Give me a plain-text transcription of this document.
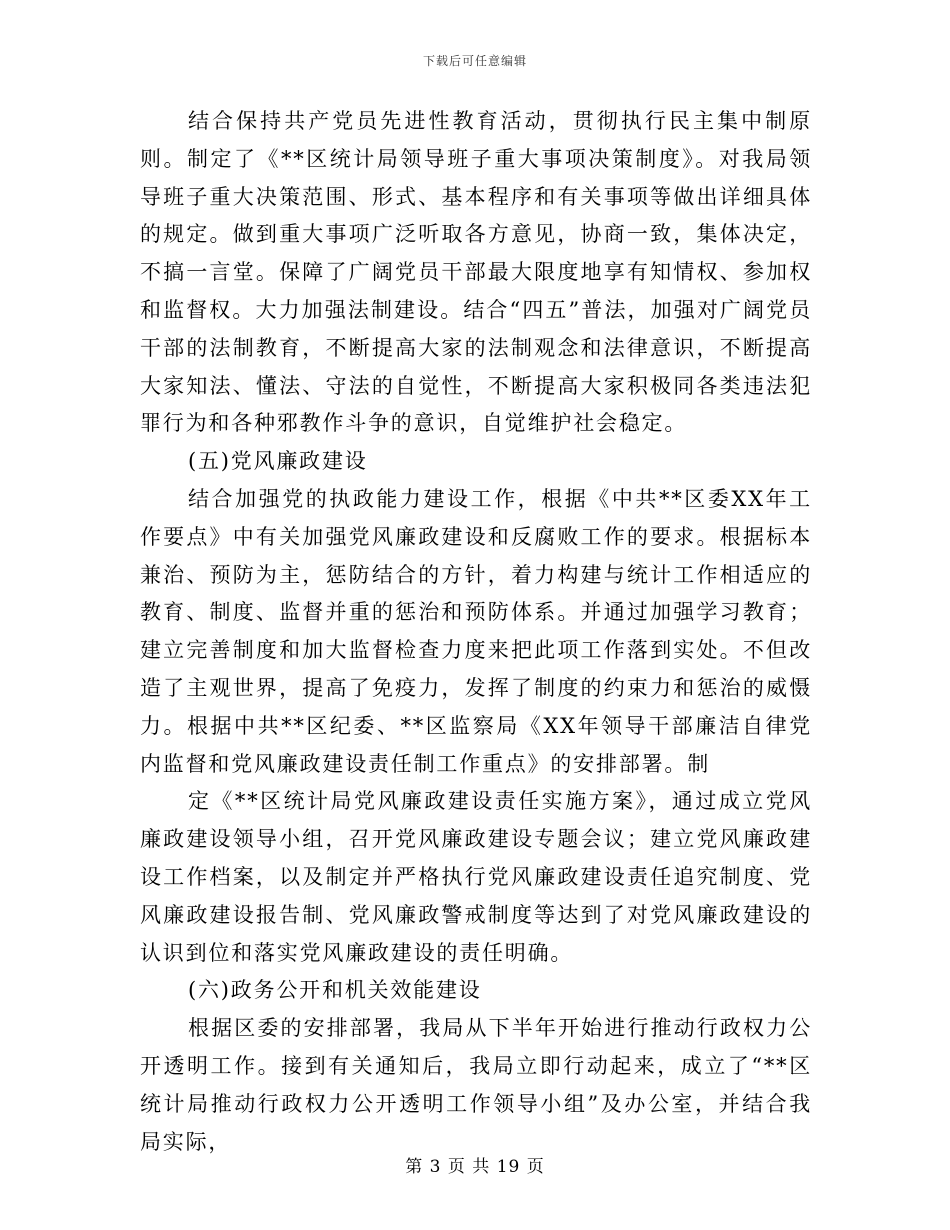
下载后可任意编辑

结合保持共产党员先进性教育活动，贯彻执行民主集中制原则。制定了《**区统计局领导班子重大事项决策制度》。对我局领导班子重大决策范围、形式、基本程序和有关事项等做出详细具体的规定。做到重大事项广泛听取各方意见，协商一致，集体决定，不搞一言堂。保障了广阔党员干部最大限度地享有知情权、参加权和监督权。大力加强法制建设。结合“四五”普法，加强对广阔党员干部的法制教育，不断提高大家的法制观念和法律意识，不断提高大家知法、懂法、守法的自觉性，不断提高大家积极同各类违法犯罪行为和各种邪教作斗争的意识，自觉维护社会稳定。

(五)党风廉政建设

结合加强党的执政能力建设工作，根据《中共**区委XX年工作要点》中有关加强党风廉政建设和反腐败工作的要求。根据标本兼治、预防为主，惩防结合的方针，着力构建与统计工作相适应的教育、制度、监督并重的惩治和预防体系。并通过加强学习教育；建立完善制度和加大监督检查力度来把此项工作落到实处。不但改造了主观世界，提高了免疫力，发挥了制度的约束力和惩治的威慑力。根据中共**区纪委、**区监察局《XX年领导干部廉洁自律党内监督和党风廉政建设责任制工作重点》的安排部署。制

定《**区统计局党风廉政建设责任实施方案》，通过成立党风廉政建设领导小组，召开党风廉政建设专题会议；建立党风廉政建设工作档案，以及制定并严格执行党风廉政建设责任追究制度、党风廉政建设报告制、党风廉政警戒制度等达到了对党风廉政建设的认识到位和落实党风廉政建设的责任明确。

(六)政务公开和机关效能建设

根据区委的安排部署，我局从下半年开始进行推动行政权力公开透明工作。接到有关通知后，我局立即行动起来，成立了“**区统计局推动行政权力公开透明工作领导小组”及办公室，并结合我局实际，

第 3 页 共 19 页
